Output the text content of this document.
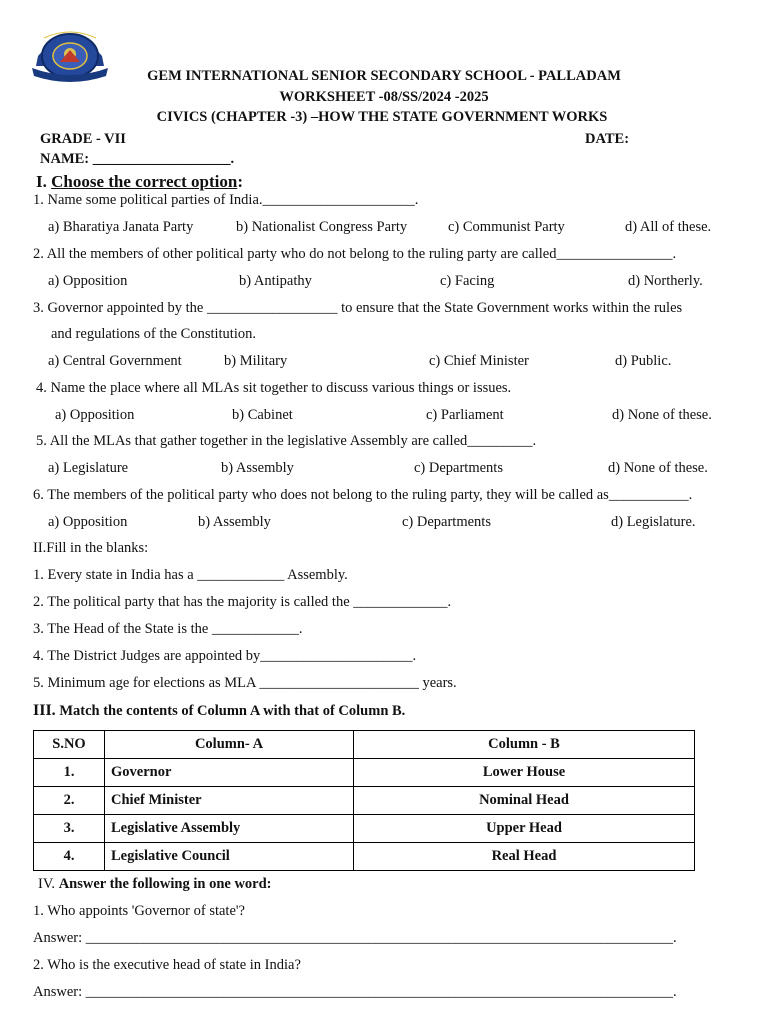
GEM INTERNATIONAL SENIOR SECONDARY SCHOOL - PALLADAM
WORKSHEET -08/SS/2024 -2025
CIVICS (CHAPTER -3) –HOW THE STATE GOVERNMENT WORKS
GRADE - VII	DATE:
NAME: ___________________.
I. Choose the correct option:
1. Name some political parties of India._____________________.
a) Bharatiya Janata Party	b) Nationalist Congress Party	c) Communist Party	d) All of these.
2. All the members of other political party who do not belong to the ruling party are called________________.
a) Opposition	b) Antipathy	c) Facing	d) Northerly.
3. Governor appointed by the __________________ to ensure that the State Government works within the rules
and regulations of the Constitution.
a) Central Government	b) Military	c) Chief Minister	d) Public.
4. Name the place where all MLAs sit together to discuss various things or issues.
a) Opposition	b) Cabinet	c) Parliament	d) None of these.
5. All the MLAs that gather together in the legislative Assembly are called_________.
a) Legislature	b) Assembly	c) Departments	d) None of these.
6. The members of the political party who does not belong to the ruling party, they will be called as___________.
a) Opposition	b) Assembly	c) Departments	d) Legislature.
II.Fill in the blanks:
1. Every state in India has a ____________ Assembly.
2. The political party that has the majority is called the _____________.
3. The Head of the State is the ____________.
4. The District Judges are appointed by_____________________.
5. Minimum age for elections as MLA ______________________ years.
III. Match the contents of Column A with that of Column B.
S.NO	Column- A	Column - B
1.	Governor	Lower House
2.	Chief Minister	Nominal Head
3.	Legislative Assembly	Upper Head
4.	Legislative Council	Real Head
IV. Answer the following in one word:
1. Who appoints 'Governor of state'?
Answer: _________________________________________________________________________________.
2. Who is the executive head of state in India?
Answer: _________________________________________________________________________________.
